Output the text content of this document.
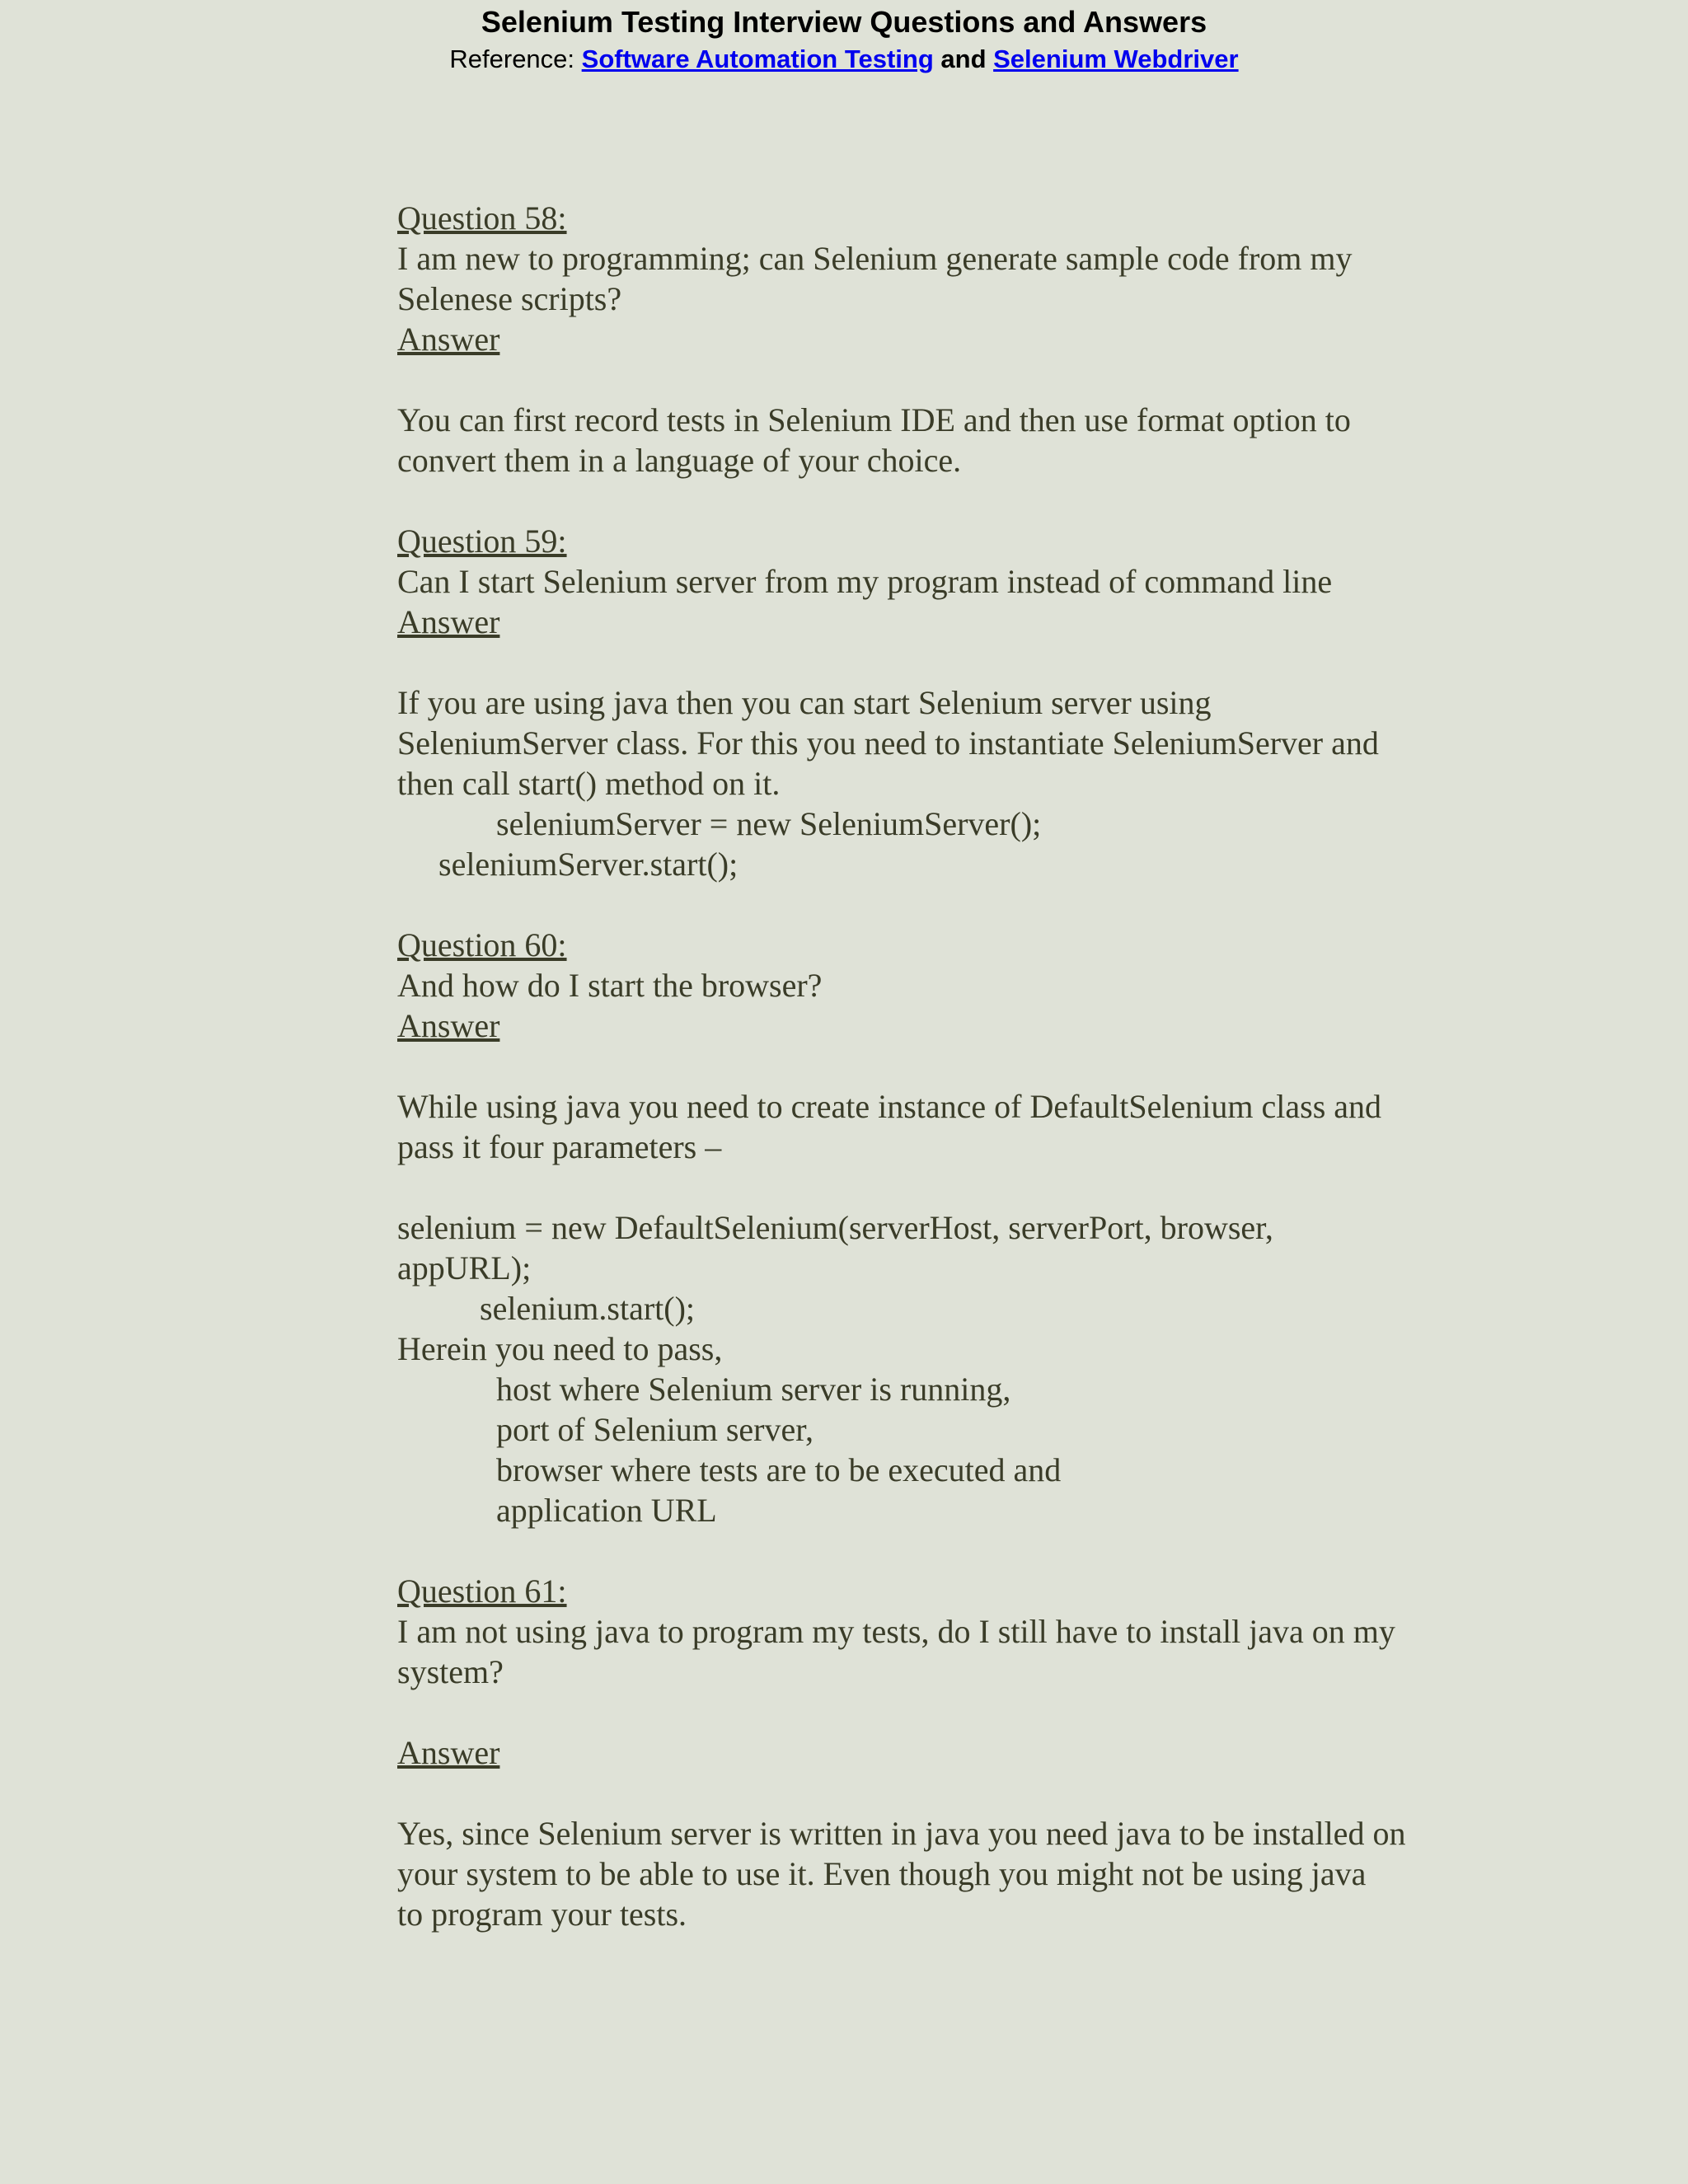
Selenium Testing Interview Questions and Answers
Reference: Software Automation Testing and Selenium Webdriver
Question 58:
I am new to programming; can Selenium generate sample code from my
Selenese scripts?
Answer
You can first record tests in Selenium IDE and then use format option to
convert them in a language of your choice.
Question 59:
Can I start Selenium server from my program instead of command line
Answer
If you are using java then you can start Selenium server using
SeleniumServer class. For this you need to instantiate SeleniumServer and
then call start() method on it.
seleniumServer = new SeleniumServer();
seleniumServer.start();
Question 60:
And how do I start the browser?
Answer
While using java you need to create instance of DefaultSelenium class and
pass it four parameters –
selenium = new DefaultSelenium(serverHost, serverPort, browser,
appURL);
selenium.start();
Herein you need to pass,
host where Selenium server is running,
port of Selenium server,
browser where tests are to be executed and
application URL
Question 61:
I am not using java to program my tests, do I still have to install java on my
system?
Answer
Yes, since Selenium server is written in java you need java to be installed on
your system to be able to use it. Even though you might not be using java
to program your tests.
